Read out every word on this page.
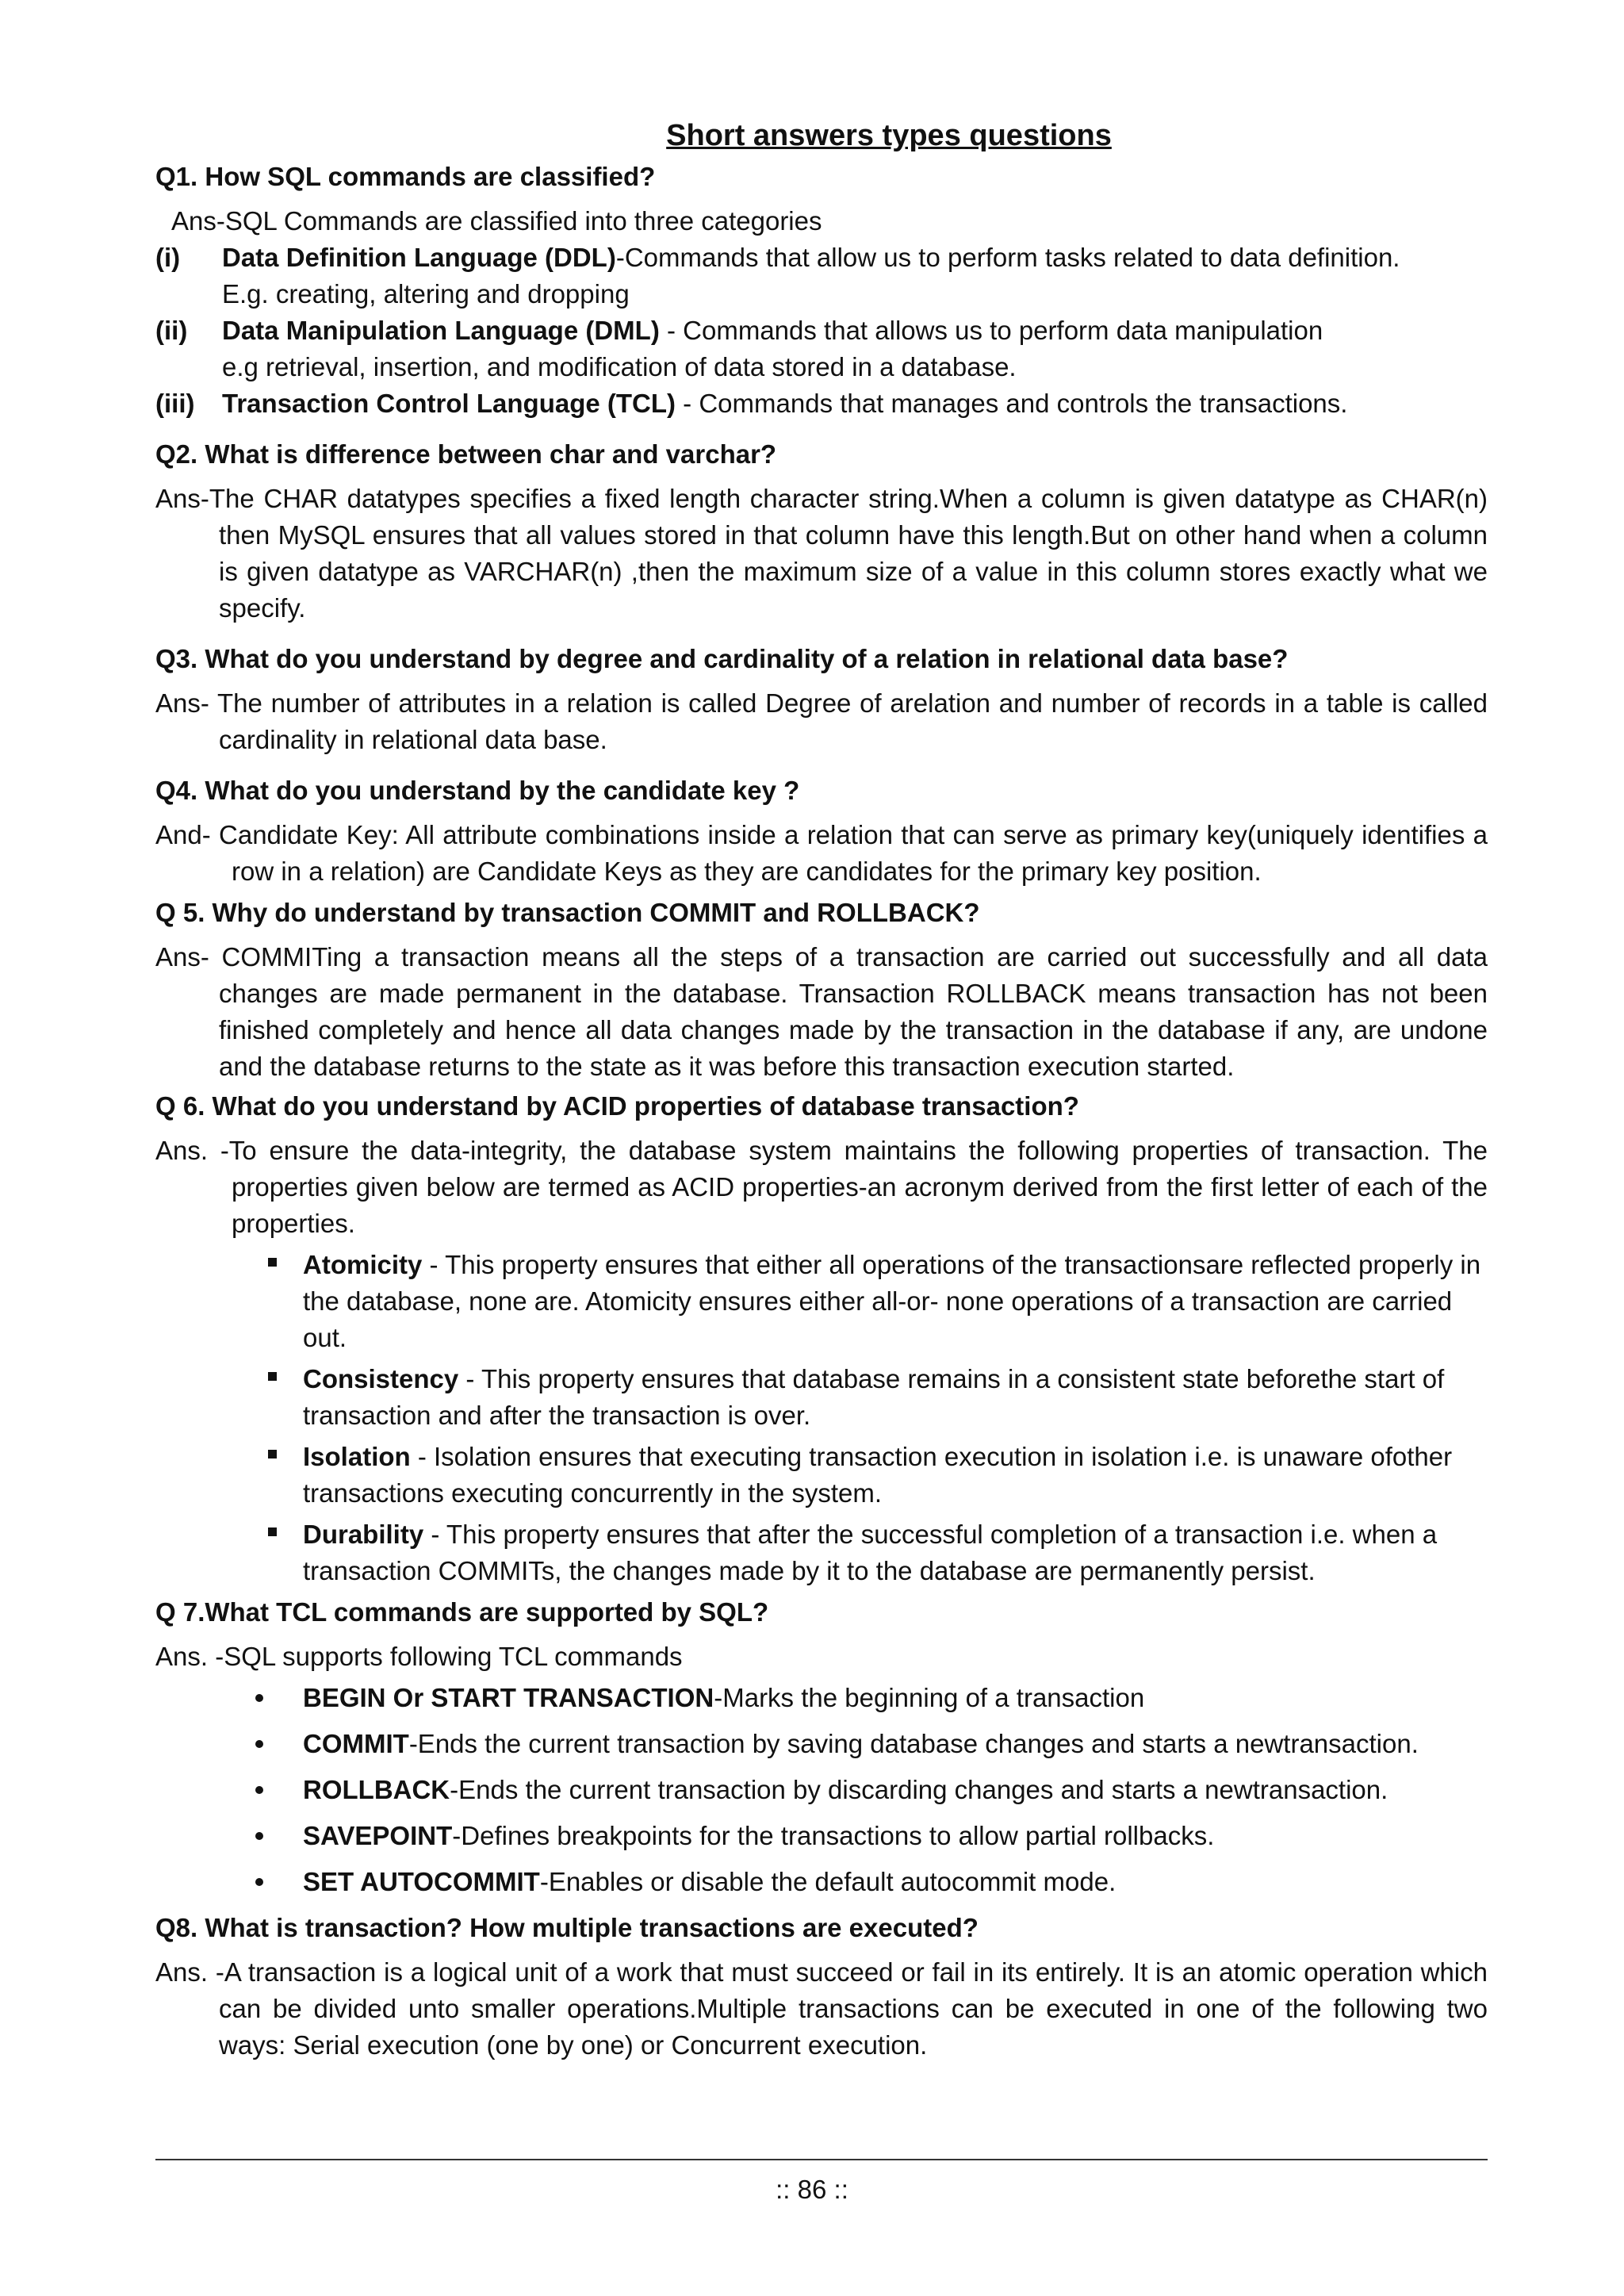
Short answers types questions
Q1. How SQL commands are classified?
Ans-SQL Commands are classified into three categories
(i)	Data Definition Language (DDL)-Commands that allow us to perform tasks related to data definition.
E.g. creating, altering and dropping
(ii)	Data Manipulation Language (DML) - Commands that allows us to perform data manipulation
e.g retrieval, insertion, and modification of data stored in a database.
(iii)	Transaction Control Language (TCL) - Commands that manages and controls the transactions.
Q2. What is difference between char and varchar?
Ans-The CHAR datatypes specifies a fixed length character string.When a column is given datatype as CHAR(n) then MySQL ensures that all values stored in that column have this length.But on other hand when a column is given datatype as VARCHAR(n) ,then the maximum size of a value in this column stores exactly what we specify.
Q3. What do you understand by degree and cardinality of a relation in relational data base?
Ans- The number of attributes in a relation is called Degree of arelation and number of records in a table is called cardinality in relational data base.
Q4. What do you understand by the candidate key ?
And- Candidate Key: All attribute combinations inside a relation that can serve as primary key(uniquely identifies a row in a relation) are Candidate Keys as they are candidates for the primary key position.
Q 5. Why do understand by transaction COMMIT and ROLLBACK?
Ans- COMMITing a transaction means all the steps of a transaction are carried out successfully and all data changes are made permanent in the database. Transaction ROLLBACK means transaction has not been finished completely and hence all data changes made by the transaction in the database if any, are undone and the database returns to the state as it was before this transaction execution started.
Q 6. What do you understand by ACID properties of database transaction?
Ans. -To ensure the data-integrity, the database system maintains the following properties of transaction. The properties given below are termed as ACID properties-an acronym derived from the first letter of each of the properties.
Atomicity - This property ensures that either all operations of the transactionsare reflected properly in the database, none are. Atomicity ensures either all-or- none operations of a transaction are carried out.
Consistency - This property ensures that database remains in a consistent state beforethe start of transaction and after the transaction is over.
Isolation - Isolation ensures that executing transaction execution in isolation i.e. is unaware ofother transactions executing concurrently in the system.
Durability - This property ensures that after the successful completion of a transaction i.e. when a transaction COMMITs, the changes made by it to the database are permanently persist.
Q 7.What TCL commands are supported by SQL?
Ans. -SQL supports following TCL commands
BEGIN Or START TRANSACTION-Marks the beginning of a transaction
COMMIT-Ends the current transaction by saving database changes and starts a newtransaction.
ROLLBACK-Ends the current transaction by discarding changes and starts a newtransaction.
SAVEPOINT-Defines breakpoints for the transactions to allow partial rollbacks.
SET AUTOCOMMIT-Enables or disable the default autocommit mode.
Q8. What is transaction? How multiple transactions are executed?
Ans. -A transaction is a logical unit of a work that must succeed or fail in its entirely. It is an atomic operation which can be divided unto smaller operations.Multiple transactions can be executed in one of the following two ways: Serial execution (one by one) or Concurrent execution.
:: 86 ::
